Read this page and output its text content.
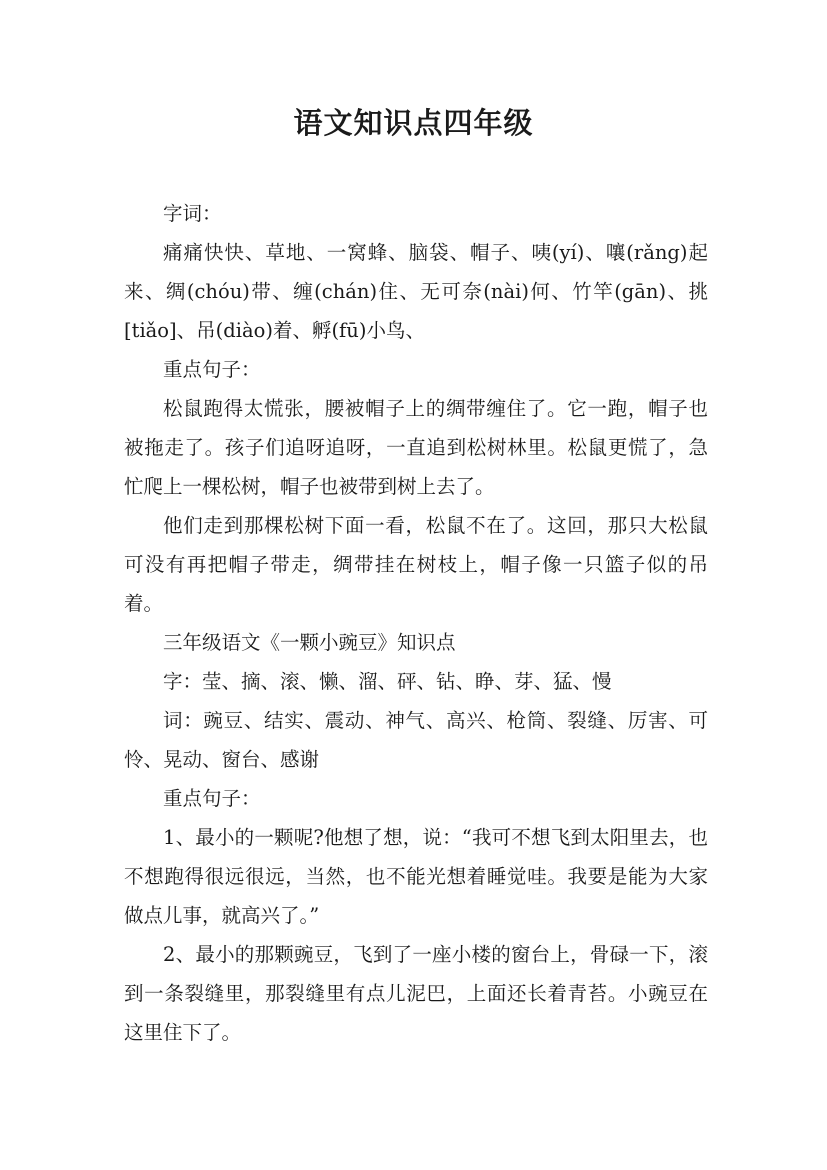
语文知识点四年级

字词：

痛痛快快、草地、一窝蜂、脑袋、帽子、咦(yí)、嚷(rǎng)起来、绸(chóu)带、缠(chán)住、无可奈(nài)何、竹竿(gān)、挑[tiǎo]、吊(diào)着、孵(fū)小鸟、

重点句子：

松鼠跑得太慌张，腰被帽子上的绸带缠住了。它一跑，帽子也被拖走了。孩子们追呀追呀，一直追到松树林里。松鼠更慌了，急忙爬上一棵松树，帽子也被带到树上去了。

他们走到那棵松树下面一看，松鼠不在了。这回，那只大松鼠可没有再把帽子带走，绸带挂在树枝上，帽子像一只篮子似的吊着。

三年级语文《一颗小豌豆》知识点

字：莹、摘、滚、懒、溜、砰、钻、睁、芽、猛、慢

词：豌豆、结实、震动、神气、高兴、枪筒、裂缝、厉害、可怜、晃动、窗台、感谢

重点句子：

1、最小的一颗呢?他想了想，说：“我可不想飞到太阳里去，也不想跑得很远很远，当然，也不能光想着睡觉哇。我要是能为大家做点儿事，就高兴了。”

2、最小的那颗豌豆，飞到了一座小楼的窗台上，骨碌一下，滚到一条裂缝里，那裂缝里有点儿泥巴，上面还长着青苔。小豌豆在这里住下了。
